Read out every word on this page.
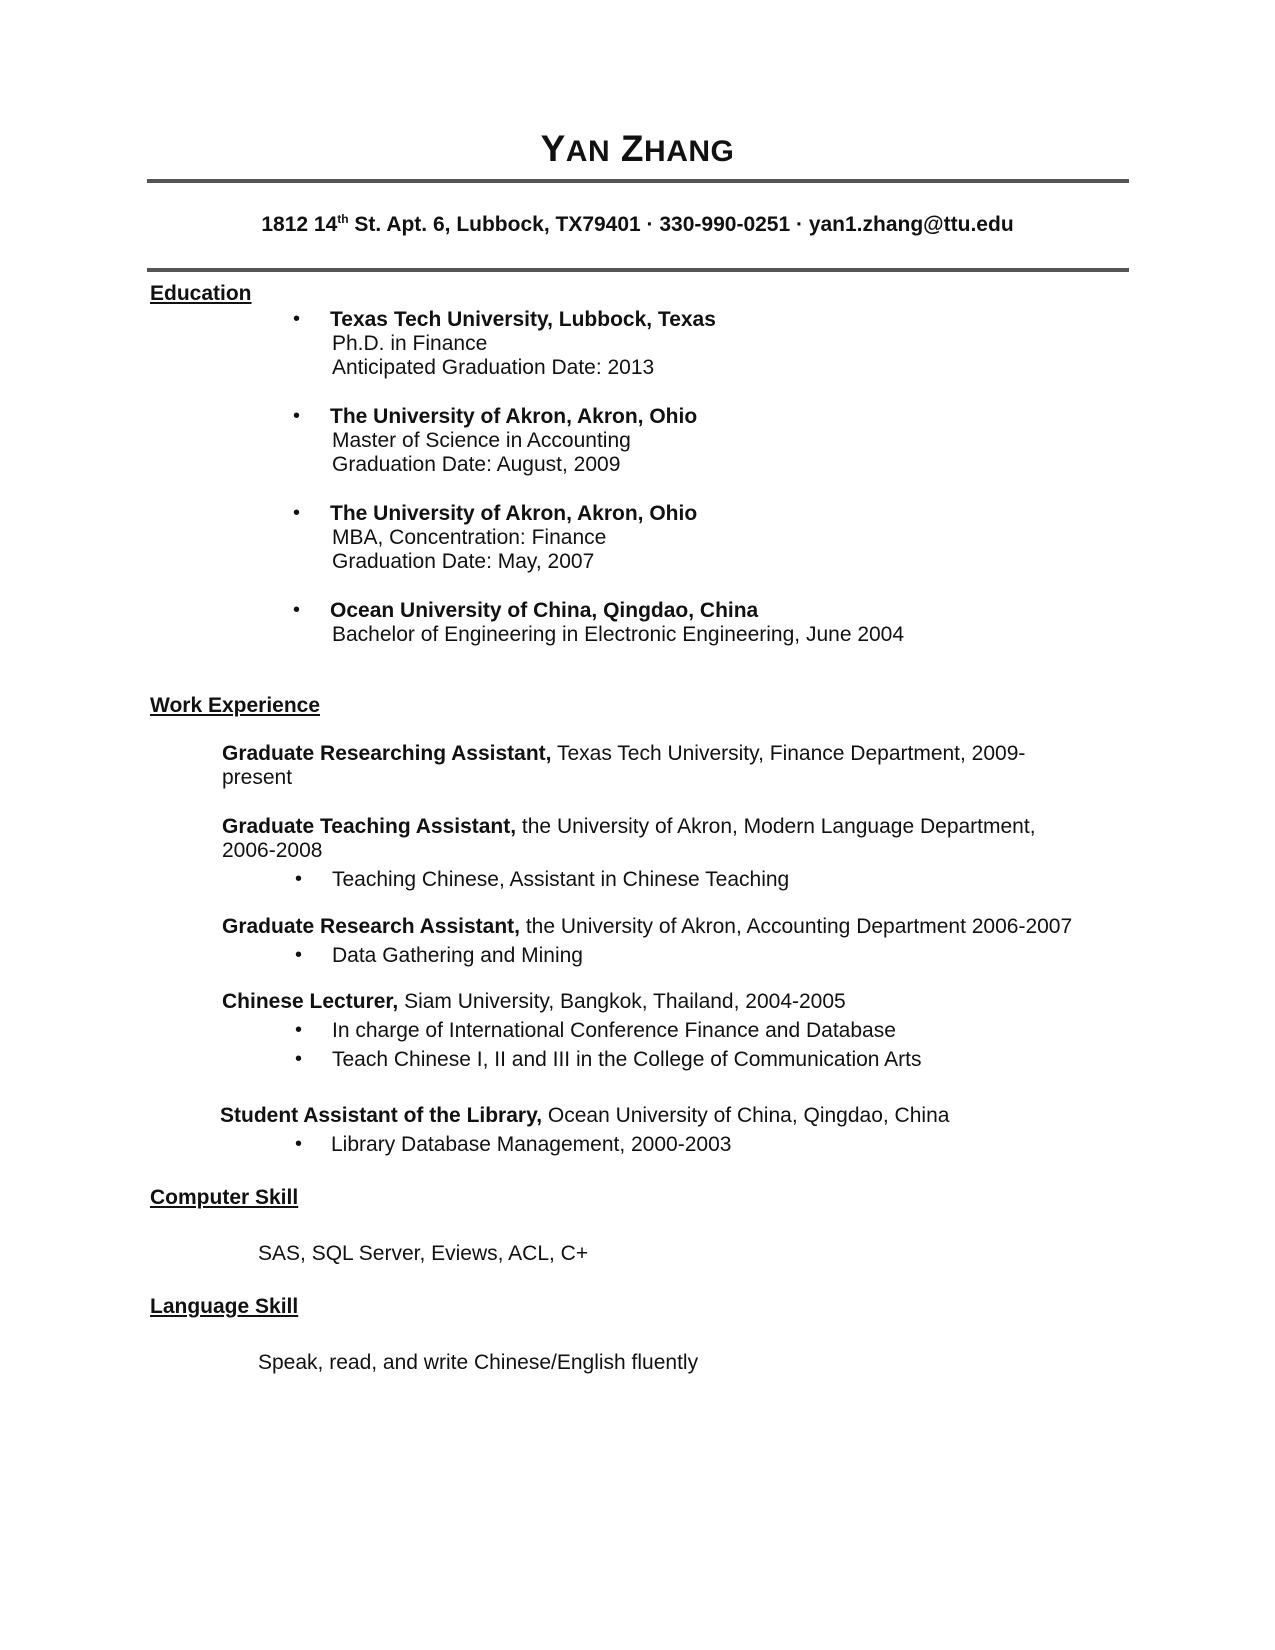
YAN ZHANG
1812 14th St. Apt. 6, Lubbock, TX79401 · 330-990-0251 · yan1.zhang@ttu.edu
Education
• Texas Tech University, Lubbock, Texas
Ph.D. in Finance
Anticipated Graduation Date: 2013
• The University of Akron, Akron, Ohio
Master of Science in Accounting
Graduation Date: August, 2009
• The University of Akron, Akron, Ohio
MBA, Concentration: Finance
Graduation Date: May, 2007
• Ocean University of China, Qingdao, China
Bachelor of Engineering in Electronic Engineering, June 2004
Work Experience
Graduate Researching Assistant, Texas Tech University, Finance Department, 2009-
present
Graduate Teaching Assistant, the University of Akron, Modern Language Department,
2006-2008
• Teaching Chinese, Assistant in Chinese Teaching
Graduate Research Assistant, the University of Akron, Accounting Department 2006-2007
• Data Gathering and Mining
Chinese Lecturer, Siam University, Bangkok, Thailand, 2004-2005
• In charge of International Conference Finance and Database
• Teach Chinese I, II and III in the College of Communication Arts
Student Assistant of the Library, Ocean University of China, Qingdao, China
• Library Database Management, 2000-2003
Computer Skill
SAS, SQL Server, Eviews, ACL, C+
Language Skill
Speak, read, and write Chinese/English fluently
